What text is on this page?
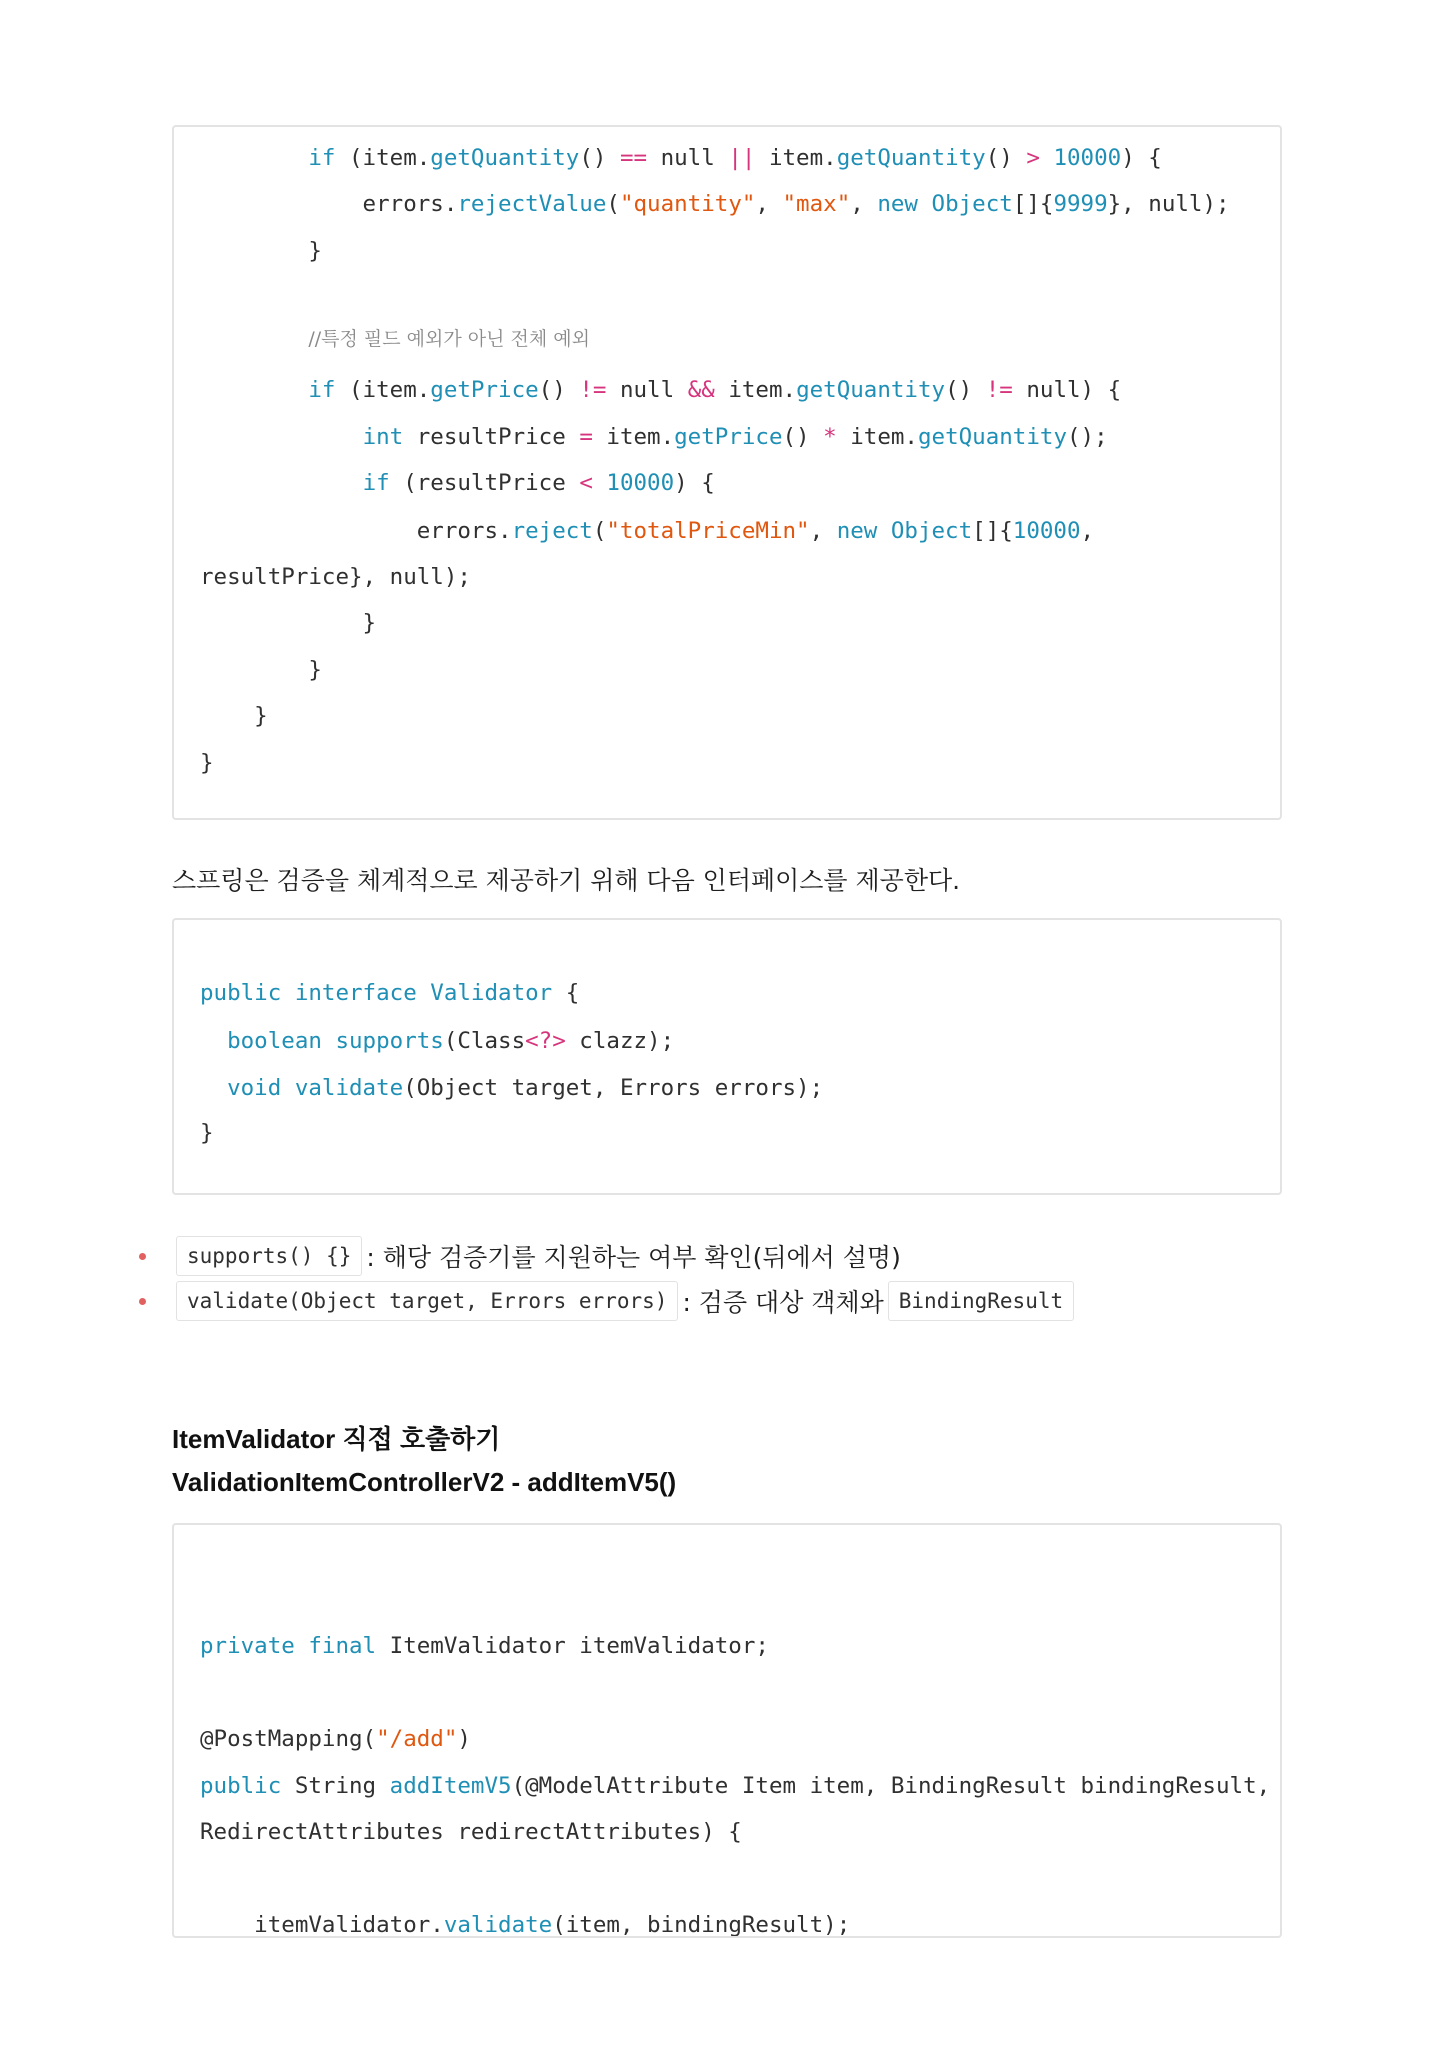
if (item.getQuantity() == null || item.getQuantity() > 10000) {
errors.rejectValue("quantity", "max", new Object[]{9999}, null);
}
//특정 필드 예외가 아닌 전체 예외
if (item.getPrice() != null && item.getQuantity() != null) {
int resultPrice = item.getPrice() * item.getQuantity();
if (resultPrice < 10000) {
errors.reject("totalPriceMin", new Object[]{10000,
resultPrice}, null);
}
}
}
}

스프링은 검증을 체계적으로 제공하기 위해 다음 인터페이스를 제공한다.

public interface Validator {
boolean supports(Class<?> clazz);
void validate(Object target, Errors errors);
}
supports() {} : 해당 검증기를 지원하는 여부 확인(뒤에서 설명)
validate(Object target, Errors errors) : 검증 대상 객체와 BindingResult
ItemValidator 직접 호출하기
ValidationItemControllerV2 - addItemV5()
private final ItemValidator itemValidator;
@PostMapping("/add")
public String addItemV5(@ModelAttribute Item item, BindingResult bindingResult,
RedirectAttributes redirectAttributes) {
itemValidator.validate(item, bindingResult);
